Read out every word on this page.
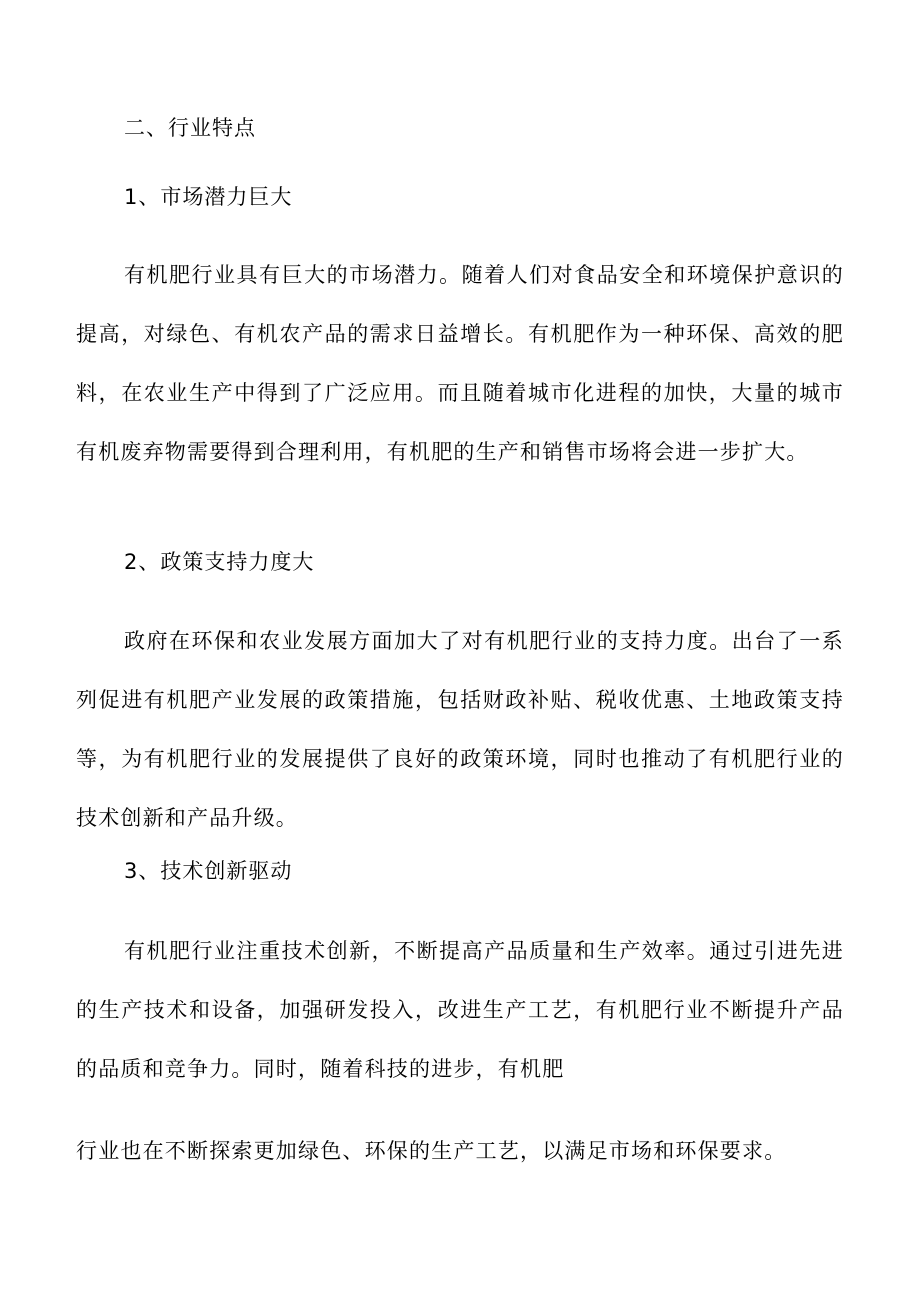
二、行业特点
1、市场潜力巨大

有机肥行业具有巨大的市场潜力。随着人们对食品安全和环境保护意识的提高，对绿色、有机农产品的需求日益增长。有机肥作为一种环保、高效的肥料，在农业生产中得到了广泛应用。而且随着城市化进程的加快，大量的城市有机废弃物需要得到合理利用，有机肥的生产和销售市场将会进一步扩大。

2、政策支持力度大

政府在环保和农业发展方面加大了对有机肥行业的支持力度。出台了一系列促进有机肥产业发展的政策措施，包括财政补贴、税收优惠、土地政策支持等，为有机肥行业的发展提供了良好的政策环境，同时也推动了有机肥行业的技术创新和产品升级。

3、技术创新驱动

有机肥行业注重技术创新，不断提高产品质量和生产效率。通过引进先进的生产技术和设备，加强研发投入，改进生产工艺，有机肥行业不断提升产品的品质和竞争力。同时，随着科技的进步，有机肥

行业也在不断探索更加绿色、环保的生产工艺，以满足市场和环保要求。
